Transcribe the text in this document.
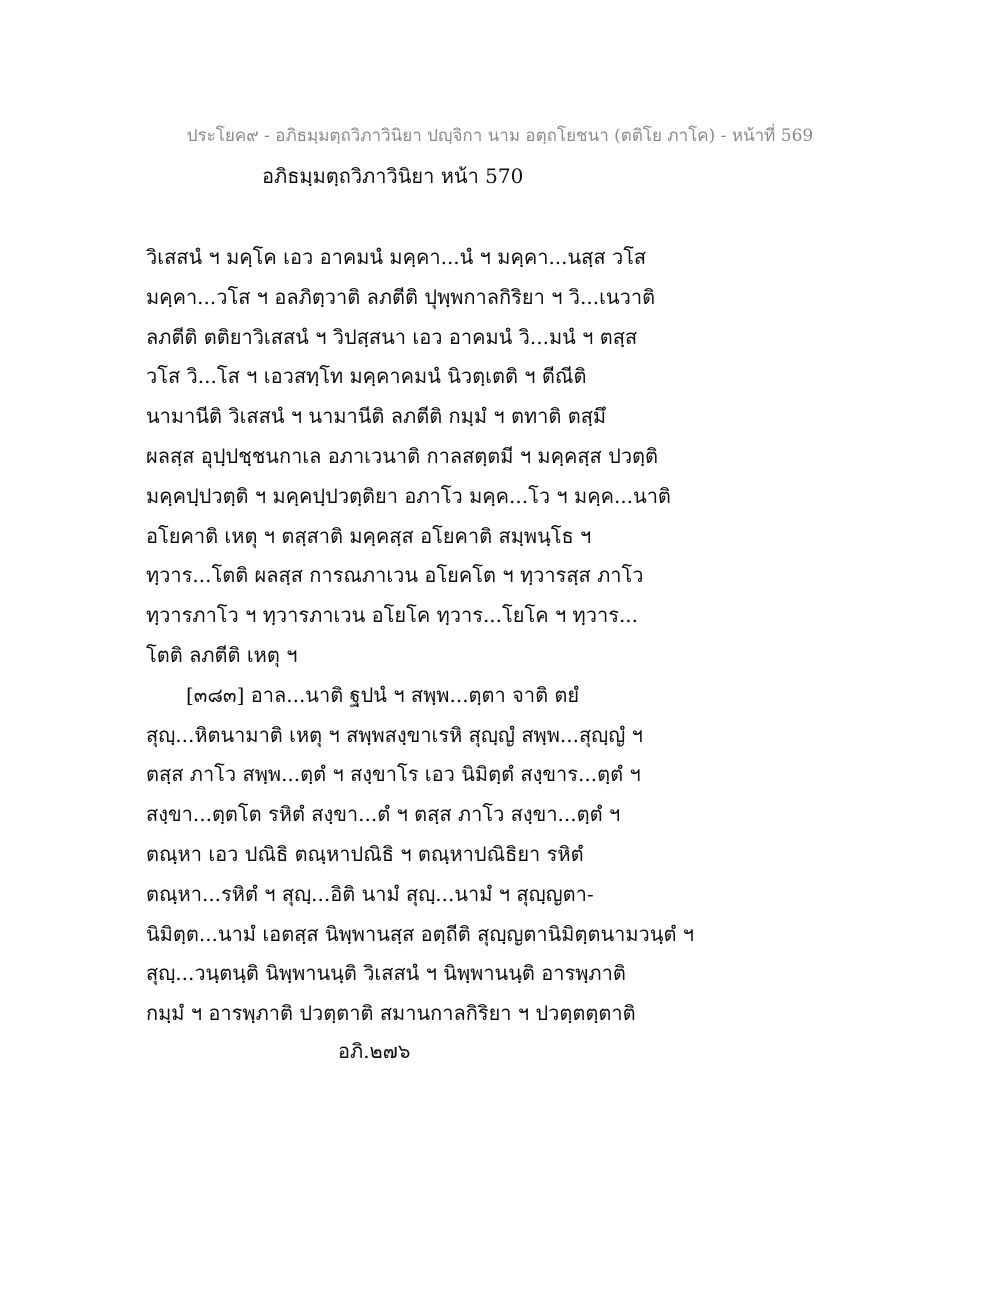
ประโยค๙ - อภิธมฺมตฺถวิภาวินิยา ปญฺจิกา นาม อตฺถโยชนา (ตติโย ภาโค) - หน้าที่ 569
อภิธมฺมตฺถวิภาวินิยา หน้า 570
วิเสสนํ ฯ มคฺโค เอว อาคมนํ มคฺคา...นํ ฯ มคฺคา...นสฺส วโส
มคฺคา...วโส ฯ อลภิตฺวาติ ลภตีติ ปุพฺพกาลกิริยา ฯ วิ...เนวาติ
ลภตีติ ตติยาวิเสสนํ ฯ วิปสฺสนา เอว อาคมนํ วิ...มนํ ฯ ตสฺส
วโส วิ...โส ฯ เอวสทฺโท มคฺคาคมนํ นิวตฺเตติ ฯ ตีณีติ
นามานีติ วิเสสนํ ฯ นามานีติ ลภตีติ กมฺมํ ฯ ตทาติ ตสฺมึ
ผลสฺส อุปฺปชฺชนกาเล อภาเวนาติ กาลสตฺตมี ฯ มคฺคสฺส ปวตฺติ
มคฺคปฺปวตฺติ ฯ มคฺคปฺปวตฺติยา อภาโว มคฺค...โว ฯ มคฺค...นาติ
อโยคาติ เหตุ ฯ ตสฺสาติ มคฺคสฺส อโยคาติ สมฺพนฺโธ ฯ
ทฺวาร...โตติ ผลสฺส การณภาเวน อโยคโต ฯ ทฺวารสฺส ภาโว
ทฺวารภาโว ฯ ทฺวารภาเวน อโยโค ทฺวาร...โยโค ฯ ทฺวาร...
โตติ ลภตีติ เหตุ ฯ
[๓๘๓] อาล...นาติ ฐปนํ ฯ สพฺพ...ตฺตา จาติ ตยํ
สุญฺ...หิตนามาติ เหตุ ฯ สพฺพสงฺขาเรหิ สุญฺญํ สพฺพ...สุญฺญํ ฯ
ตสฺส ภาโว สพฺพ...ตฺตํ ฯ สงฺขาโร เอว นิมิตฺตํ สงฺขาร...ตฺตํ ฯ
สงฺขา...ตฺตโต รหิตํ สงฺขา...ตํ ฯ ตสฺส ภาโว สงฺขา...ตฺตํ ฯ
ตณฺหา เอว ปณิธิ ตณฺหาปณิธิ ฯ ตณฺหาปณิธิยา รหิตํ
ตณฺหา...รหิตํ ฯ สุญฺ...อิติ นามํ สุญฺ...นามํ ฯ สุญฺญตา-
นิมิตฺต...นามํ เอตสฺส นิพฺพานสฺส อตฺถีติ สุญฺญตานิมิตฺตนามวนฺตํ ฯ
สุญฺ...วนฺตนฺติ นิพฺพานนฺติ วิเสสนํ ฯ นิพฺพานนฺติ อารพฺภาติ
กมฺมํ ฯ อารพฺภาติ ปวตฺตาติ สมานกาลกิริยา ฯ ปวตฺตตฺตาติ
อภิ.๒๗๖
